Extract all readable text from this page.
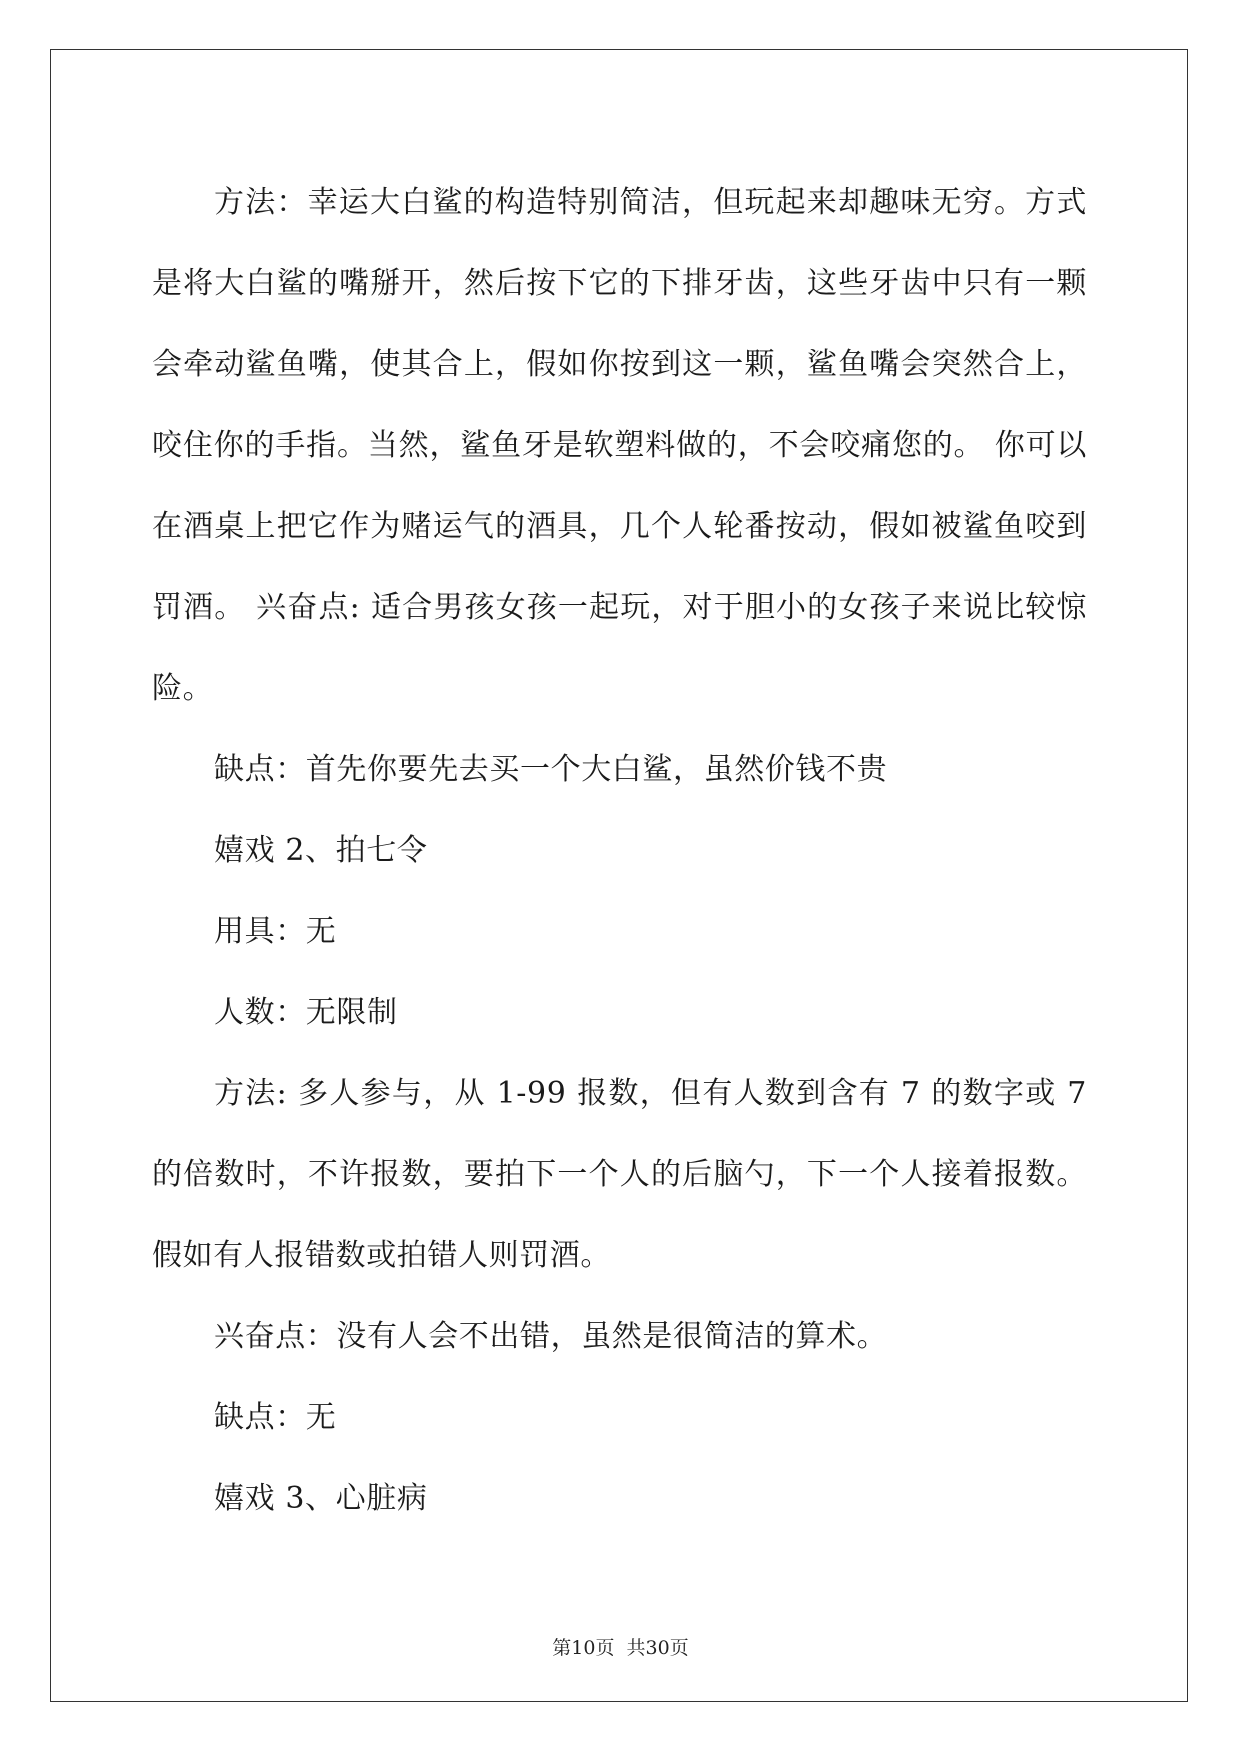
方法：幸运大白鲨的构造特别简洁，但玩起来却趣味无穷。方式是将大白鲨的嘴掰开，然后按下它的下排牙齿，这些牙齿中只有一颗会牵动鲨鱼嘴，使其合上，假如你按到这一颗，鲨鱼嘴会突然合上，咬住你的手指。当然，鲨鱼牙是软塑料做的，不会咬痛您的。 你可以在酒桌上把它作为赌运气的酒具，几个人轮番按动，假如被鲨鱼咬到罚酒。 兴奋点: 适合男孩女孩一起玩，对于胆小的女孩子来说比较惊险。

缺点：首先你要先去买一个大白鲨，虽然价钱不贵

嬉戏 2、拍七令

用具：无

人数：无限制

方法: 多人参与，从 1-99 报数，但有人数到含有 7 的数字或 7 的倍数时，不许报数，要拍下一个人的后脑勺，下一个人接着报数。假如有人报错数或拍错人则罚酒。

兴奋点：没有人会不出错，虽然是很简洁的算术。

缺点：无

嬉戏 3、心脏病

第10页 共30页
